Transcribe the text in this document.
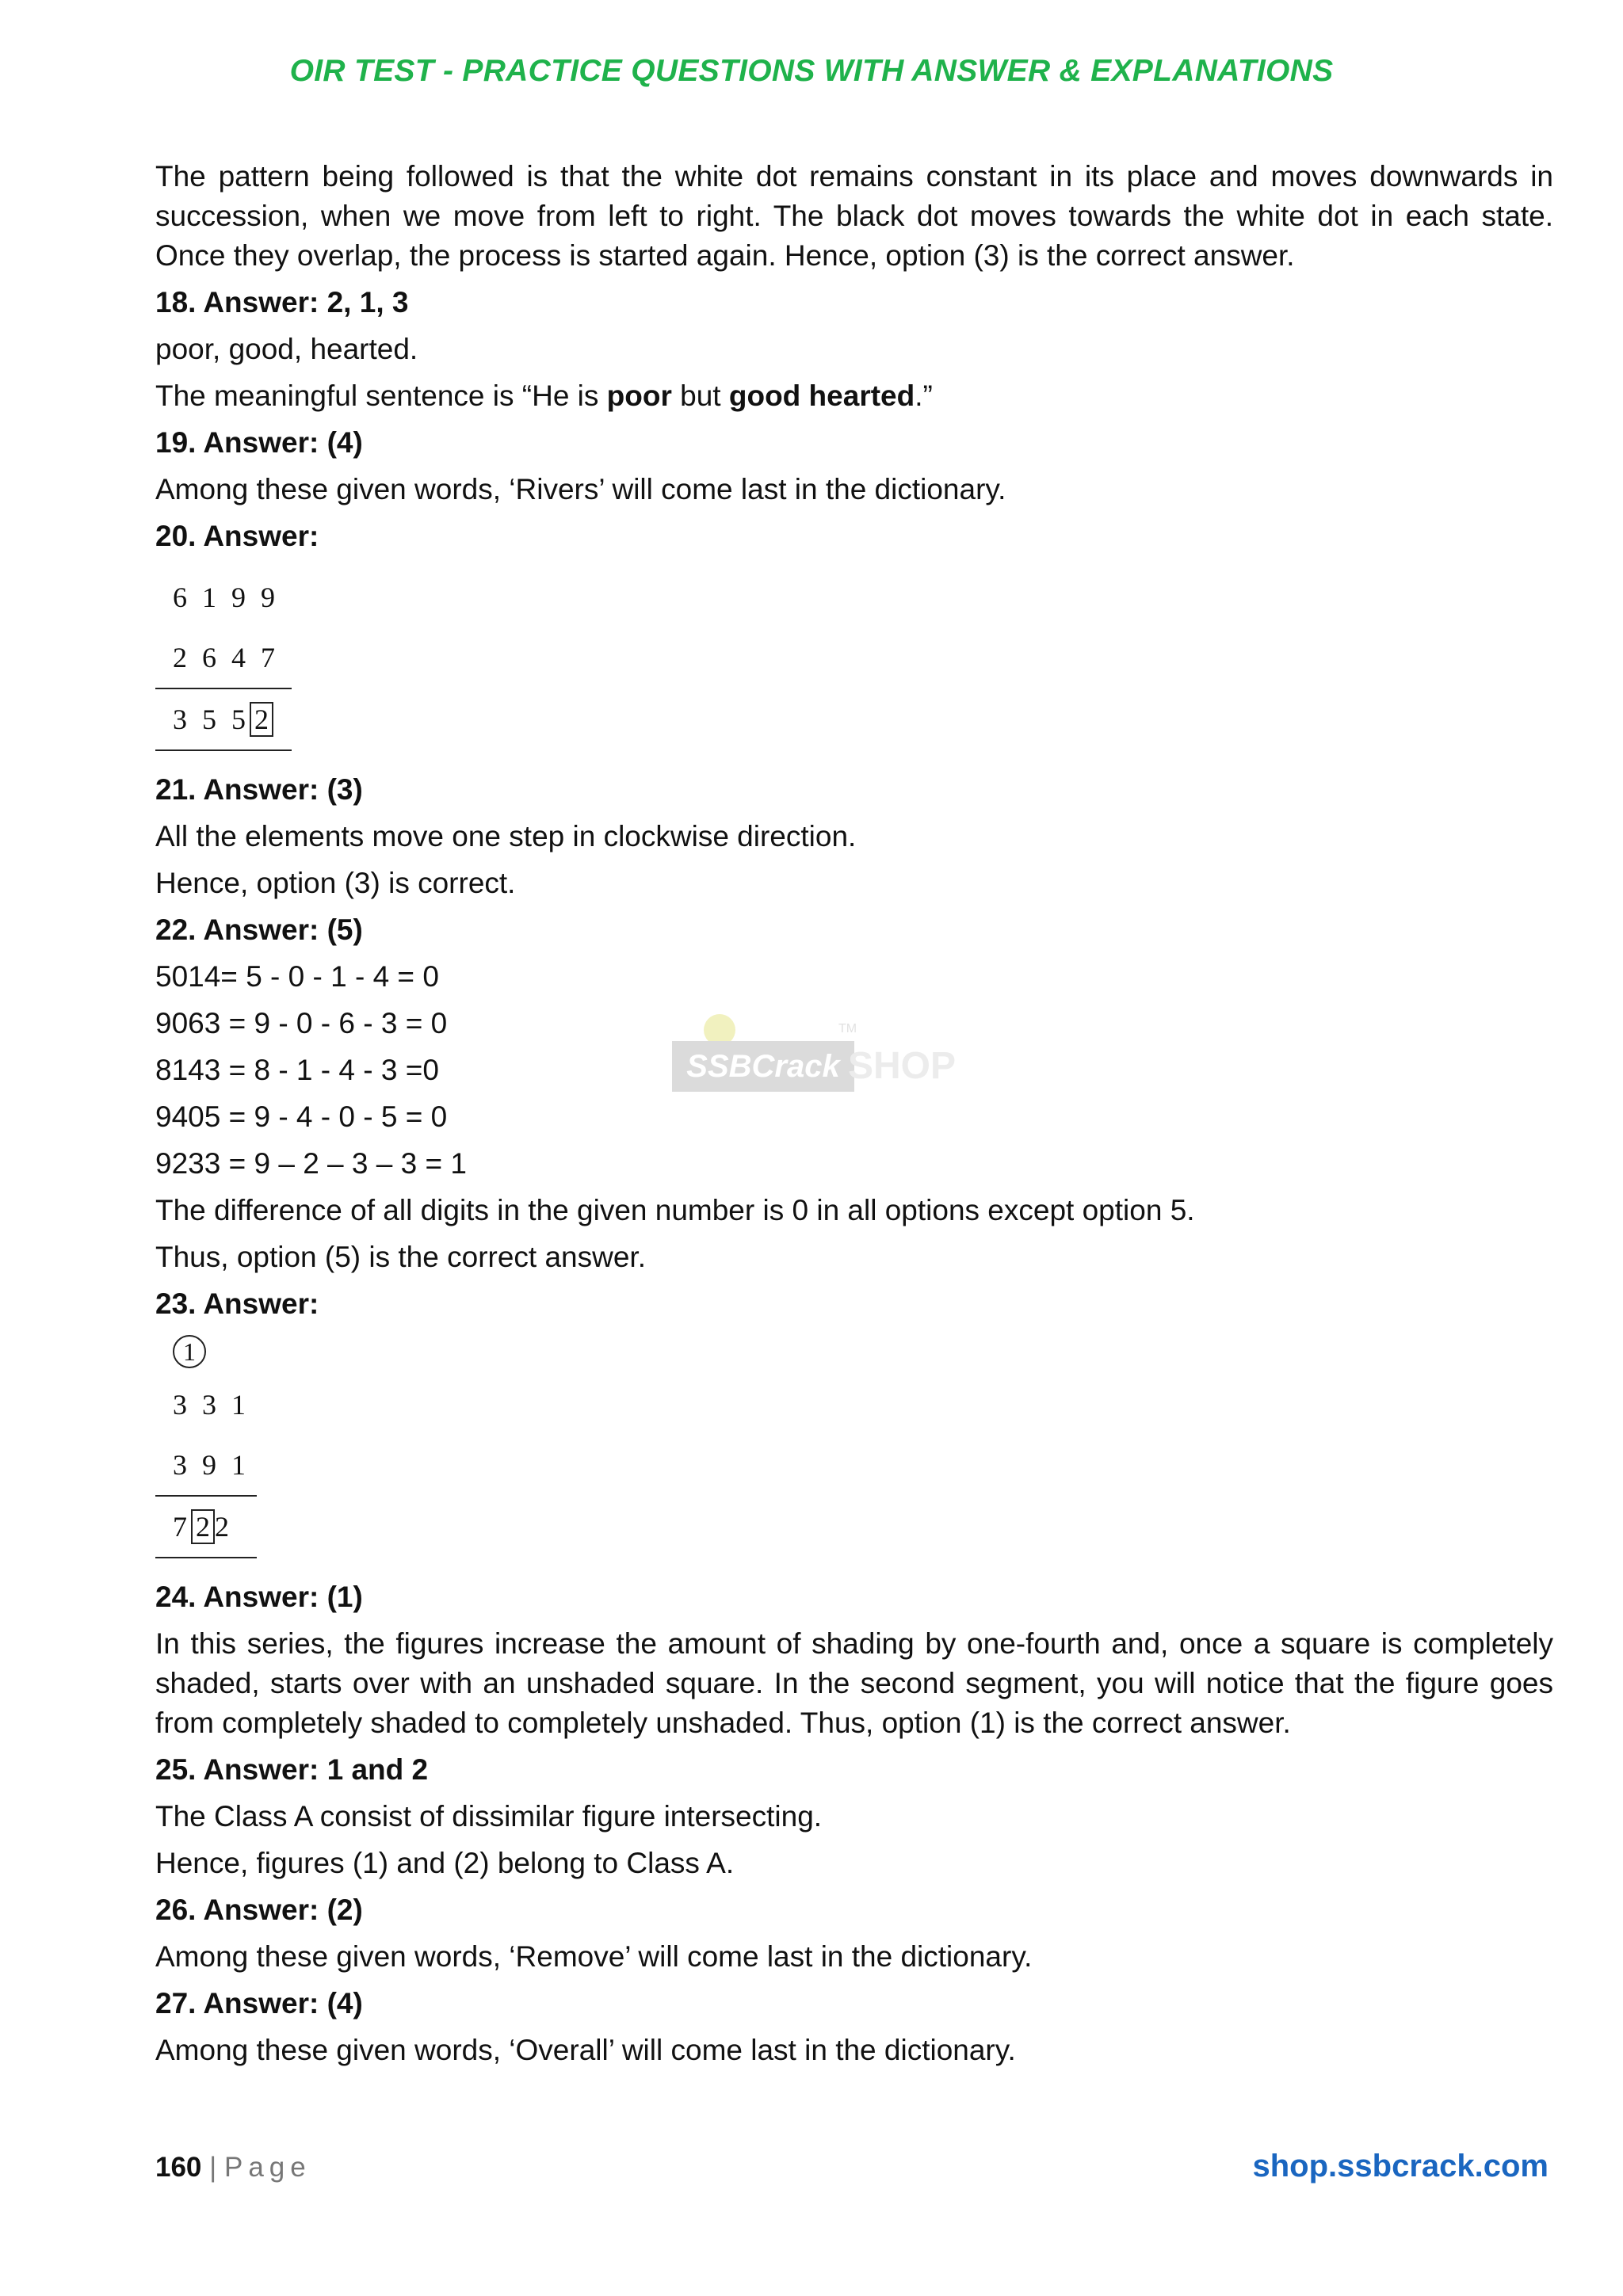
OIR TEST - PRACTICE QUESTIONS WITH ANSWER & EXPLANATIONS
TM
SSBCrack SHOP

The pattern being followed is that the white dot remains constant in its place and moves downwards in succession, when we move from left to right. The black dot moves towards the white dot in each state. Once they overlap, the process is started again. Hence, option (3) is the correct answer.

18. Answer: 2, 1, 3

poor, good, hearted.

The meaningful sentence is “He is poor but good hearted.”

19. Answer: (4)

Among these given words, ‘Rivers’ will come last in the dictionary.

20. Answer:

6 1 9 9
2 6 4 7
3 5 5 2

21. Answer: (3)

All the elements move one step in clockwise direction.

Hence, option (3) is correct.

22. Answer: (5)

5014= 5 - 0 - 1 - 4 = 0

9063 = 9 - 0 - 6 - 3 = 0

8143 = 8 - 1 - 4 - 3 =0

9405 = 9 - 4 - 0 - 5 = 0

9233 = 9 – 2 – 3 – 3 = 1

The difference of all digits in the given number is 0 in all options except option 5.

Thus, option (5) is the correct answer.

23. Answer:

1
3 3 1
3 9 1
7 2 2

24. Answer: (1)

In this series, the figures increase the amount of shading by one-fourth and, once a square is completely shaded, starts over with an unshaded square. In the second segment, you will notice that the figure goes from completely shaded to completely unshaded. Thus, option (1) is the correct answer.

25. Answer: 1 and 2

The Class A consist of dissimilar figure intersecting.

Hence, figures (1) and (2) belong to Class A.

26. Answer: (2)

Among these given words, ‘Remove’ will come last in the dictionary.

27. Answer: (4)

Among these given words, ‘Overall’ will come last in the dictionary.

160 | Page	shop.ssbcrack.com
